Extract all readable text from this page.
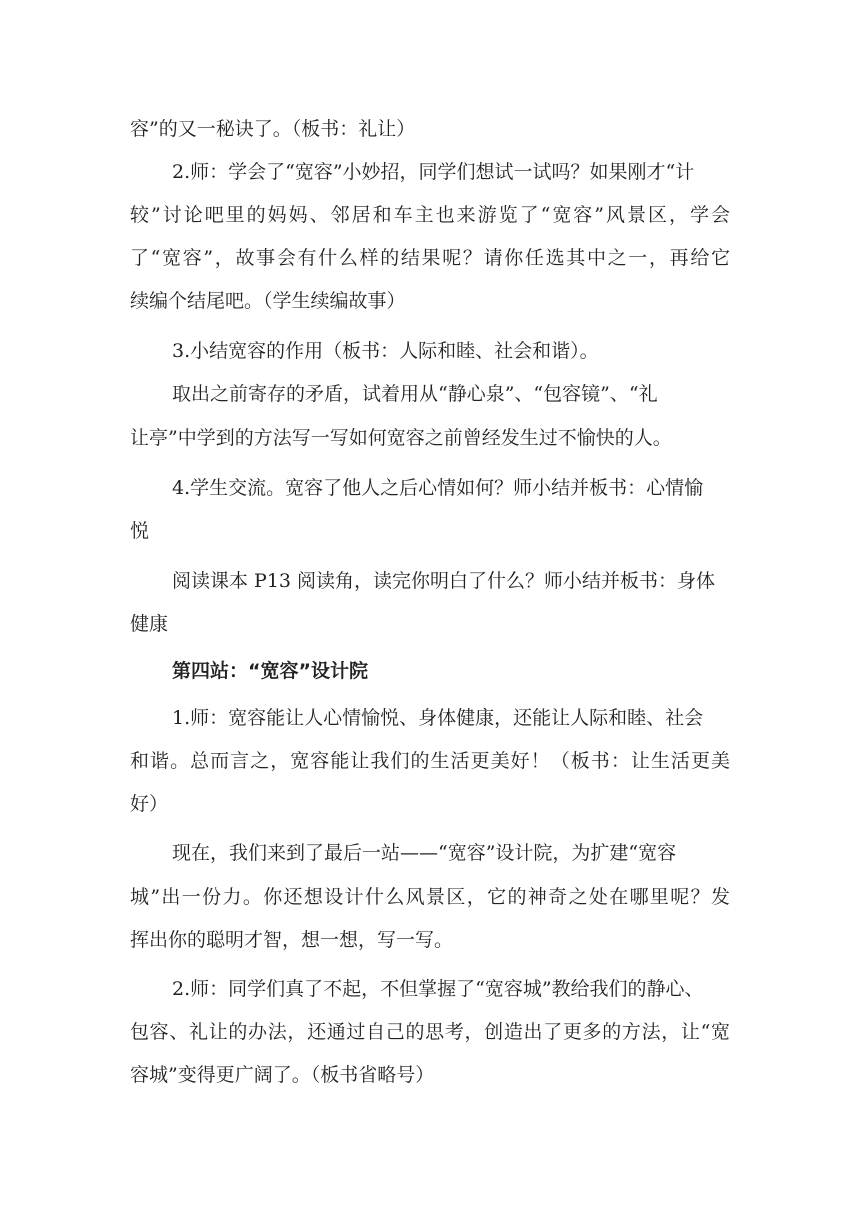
容”的又一秘诀了。（板书：礼让）
2.师：学会了“宽容”小妙招，同学们想试一试吗？如果刚才“计
较”讨论吧里的妈妈、邻居和车主也来游览了“宽容”风景区，学会
了“宽容”，故事会有什么样的结果呢？请你任选其中之一，再给它
续编个结尾吧。（学生续编故事）
3.小结宽容的作用（板书：人际和睦、社会和谐）。
取出之前寄存的矛盾，试着用从“静心泉”、“包容镜”、“礼
让亭”中学到的方法写一写如何宽容之前曾经发生过不愉快的人。
4.学生交流。宽容了他人之后心情如何？师小结并板书：心情愉
悦
阅读课本 P13 阅读角，读完你明白了什么？师小结并板书：身体
健康
第四站：“宽容”设计院
1.师：宽容能让人心情愉悦、身体健康，还能让人际和睦、社会
和谐。总而言之，宽容能让我们的生活更美好！（板书：让生活更美
好）
现在，我们来到了最后一站——“宽容”设计院，为扩建“宽容
城”出一份力。你还想设计什么风景区，它的神奇之处在哪里呢？发
挥出你的聪明才智，想一想，写一写。
2.师：同学们真了不起，不但掌握了“宽容城”教给我们的静心、
包容、礼让的办法，还通过自己的思考，创造出了更多的方法，让“宽
容城”变得更广阔了。（板书省略号）
